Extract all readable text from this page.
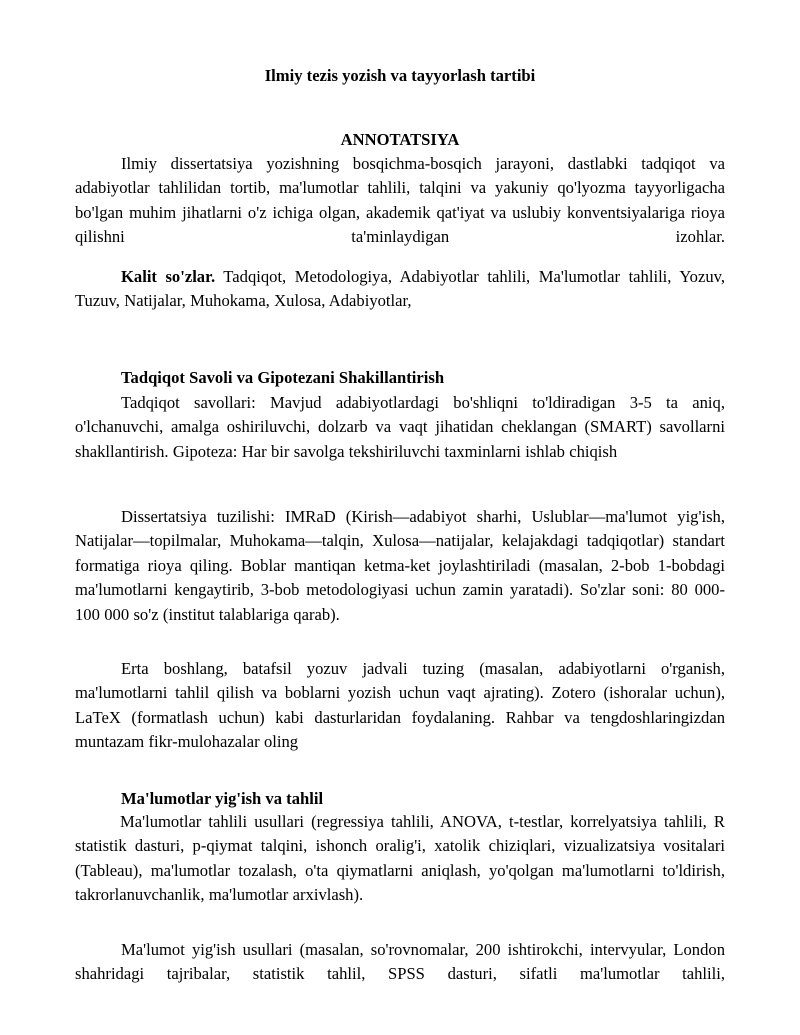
Ilmiy tezis yozish va tayyorlash tartibi

ANNOTATSIYA

Ilmiy dissertatsiya yozishning bosqichma-bosqich jarayoni, dastlabki tadqiqot va adabiyotlar tahlilidan tortib, ma'lumotlar tahlili, talqini va yakuniy qo'lyozma tayyorligacha bo'lgan muhim jihatlarni o'z ichiga olgan, akademik qat'iyat va uslubiy konventsiyalariga rioya qilishni ta'minlaydigan izohlar.

Kalit so'zlar. Tadqiqot, Metodologiya, Adabiyotlar tahlili, Ma'lumotlar tahlili, Yozuv, Tuzuv, Natijalar, Muhokama, Xulosa, Adabiyotlar,

Tadqiqot Savoli va Gipotezani Shakillantirish

Tadqiqot savollari: Mavjud adabiyotlardagi bo'shliqni to'ldiradigan 3-5 ta aniq, o'lchanuvchi, amalga oshiriluvchi, dolzarb va vaqt jihatidan cheklangan (SMART) savollarni shakllantirish. Gipoteza: Har bir savolga tekshiriluvchi taxminlarni ishlab chiqish

Dissertatsiya tuzilishi: IMRaD (Kirish—adabiyot sharhi, Uslublar—ma'lumot yig'ish, Natijalar—topilmalar, Muhokama—talqin, Xulosa—natijalar, kelajakdagi tadqiqotlar) standart formatiga rioya qiling. Boblar mantiqan ketma-ket joylashtiriladi (masalan, 2-bob 1-bobdagi ma'lumotlarni kengaytirib, 3-bob metodologiyasi uchun zamin yaratadi). So'zlar soni: 80 000-100 000 so'z (institut talablariga qarab).

Erta boshlang, batafsil yozuv jadvali tuzing (masalan, adabiyotlarni o'rganish, ma'lumotlarni tahlil qilish va boblarni yozish uchun vaqt ajrating). Zotero (ishoralar uchun), LaTeX (formatlash uchun) kabi dasturlaridan foydalaning. Rahbar va tengdoshlaringizdan muntazam fikr-mulohazalar oling

Ma'lumotlar yig'ish va tahlil

Ma'lumotlar tahlili usullari (regressiya tahlili, ANOVA, t-testlar, korrelyatsiya tahlili, R statistik dasturi, p-qiymat talqini, ishonch oralig'i, xatolik chiziqlari, vizualizatsiya vositalari (Tableau), ma'lumotlar tozalash, o'ta qiymatlarni aniqlash, yo'qolgan ma'lumotlarni to'ldirish, takrorlanuvchanlik, ma'lumotlar arxivlash).

Ma'lumot yig'ish usullari (masalan, so'rovnomalar, 200 ishtirokchi, intervyular, London shahridagi tajribalar, statistik tahlil, SPSS dasturi, sifatli ma'lumotlar tahlili,
